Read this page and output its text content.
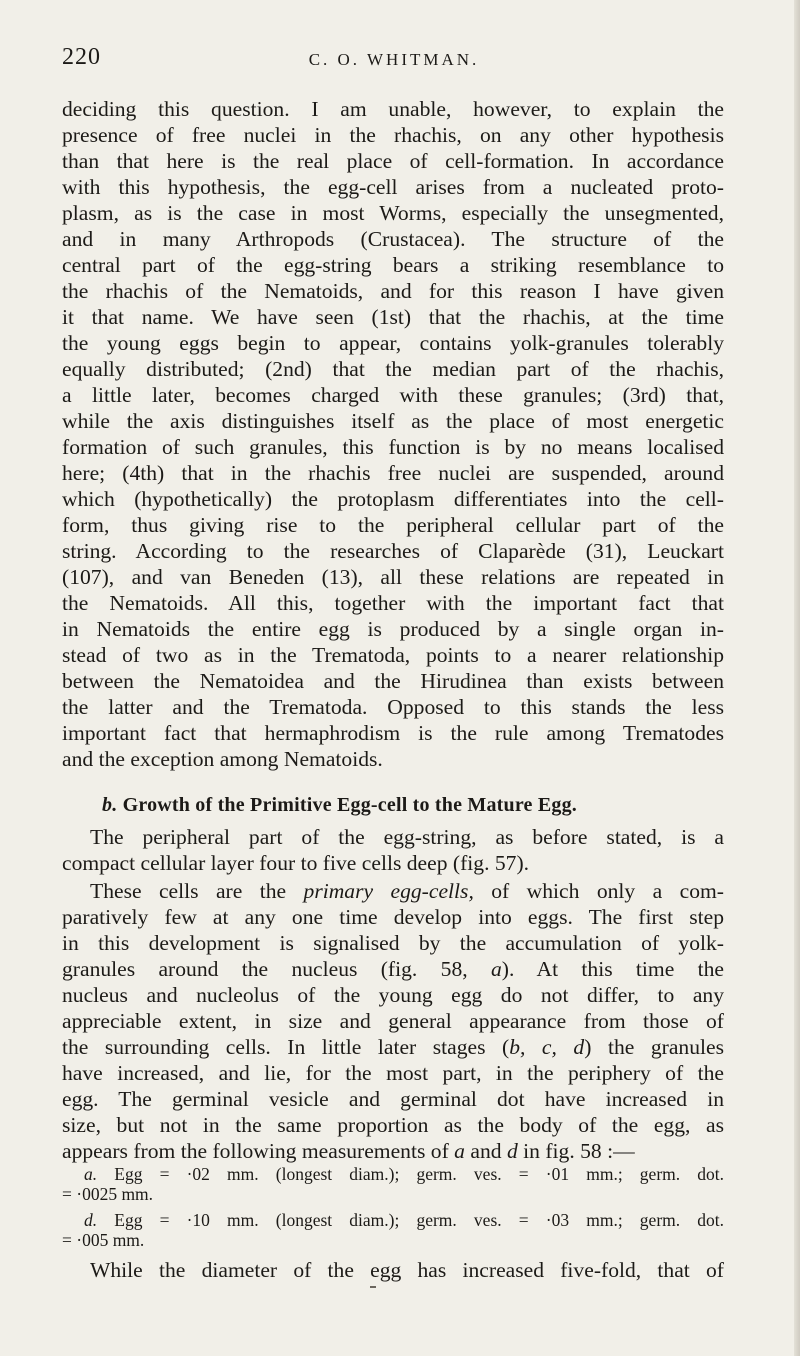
220	C. O. WHITMAN.
deciding this question. I am unable, however, to explain the
presence of free nuclei in the rhachis, on any other hypothesis
than that here is the real place of cell-formation. In accordance
with this hypothesis, the egg-cell arises from a nucleated proto-
plasm, as is the case in most Worms, especially the unsegmented,
and in many Arthropods (Crustacea). The structure of the
central part of the egg-string bears a striking resemblance to
the rhachis of the Nematoids, and for this reason I have given
it that name. We have seen (1st) that the rhachis, at the time
the young eggs begin to appear, contains yolk-granules tolerably
equally distributed; (2nd) that the median part of the rhachis,
a little later, becomes charged with these granules; (3rd) that,
while the axis distinguishes itself as the place of most energetic
formation of such granules, this function is by no means localised
here; (4th) that in the rhachis free nuclei are suspended, around
which (hypothetically) the protoplasm differentiates into the cell-
form, thus giving rise to the peripheral cellular part of the
string. According to the researches of Claparède (31), Leuckart
(107), and van Beneden (13), all these relations are repeated in
the Nematoids. All this, together with the important fact that
in Nematoids the entire egg is produced by a single organ in-
stead of two as in the Trematoda, points to a nearer relationship
between the Nematoidea and the Hirudinea than exists between
the latter and the Trematoda. Opposed to this stands the less
important fact that hermaphrodism is the rule among Trematodes
and the exception among Nematoids.
b. Growth of the Primitive Egg-cell to the Mature Egg.
The peripheral part of the egg-string, as before stated, is a
compact cellular layer four to five cells deep (fig. 57).
These cells are the primary egg-cells, of which only a com-
paratively few at any one time develop into eggs. The first step
in this development is signalised by the accumulation of yolk-
granules around the nucleus (fig. 58, a). At this time the
nucleus and nucleolus of the young egg do not differ, to any
appreciable extent, in size and general appearance from those of
the surrounding cells. In little later stages (b, c, d) the granules
have increased, and lie, for the most part, in the periphery of the
egg. The germinal vesicle and germinal dot have increased in
size, but not in the same proportion as the body of the egg, as
appears from the following measurements of a and d in fig. 58 :—
a. Egg = ·02 mm. (longest diam.); germ. ves. = ·01 mm.; germ. dot.
= ·0025 mm.
d. Egg = ·10 mm. (longest diam.); germ. ves. = ·03 mm.; germ. dot.
= ·005 mm.
While the diameter of the egg has increased five-fold, that of
